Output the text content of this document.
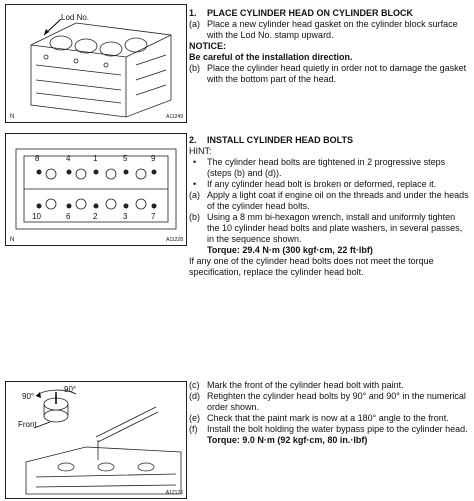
Lod No.
N	A11249
8	4	1	5	9
10	6	2	3	7
N	A11228
90°
90°
Front
A12126
1.	PLACE CYLINDER HEAD ON CYLINDER BLOCK
(a) Place a new cylinder head gasket on the cylinder block surface with the Lod No. stamp upward.
NOTICE:
Be careful of the installation direction.
(b) Place the cylinder head quietly in order not to damage the gasket with the bottom part of the head.
2.	INSTALL CYLINDER HEAD BOLTS
HINT:
•	The cylinder head bolts are tightened in 2 progressive steps (steps (b) and (d)).
•	If any cylinder head bolt is broken or deformed, replace it.
(a) Apply a light coat if engine oil on the threads and under the heads of the cylinder head bolts.
(b) Using a 8 mm bi-hexagon wrench, install and uniformly tighten the 10 cylinder head bolts and plate washers, in several passes, in the sequence shown.
Torque: 29.4 N·m (300 kgf·cm, 22 ft·lbf)
If any one of the cylinder head bolts does not meet the torque specification, replace the cylinder head bolt.
(c) Mark the front of the cylinder head bolt with paint.
(d) Retighten the cylinder head bolts by 90° and 90° in the numerical order shown.
(e) Check that the paint mark is now at a 180° angle to the front.
(f)	Install the bolt holding the water bypass pipe to the cylinder head.
Torque: 9.0 N·m (92 kgf·cm, 80 in.·lbf)
